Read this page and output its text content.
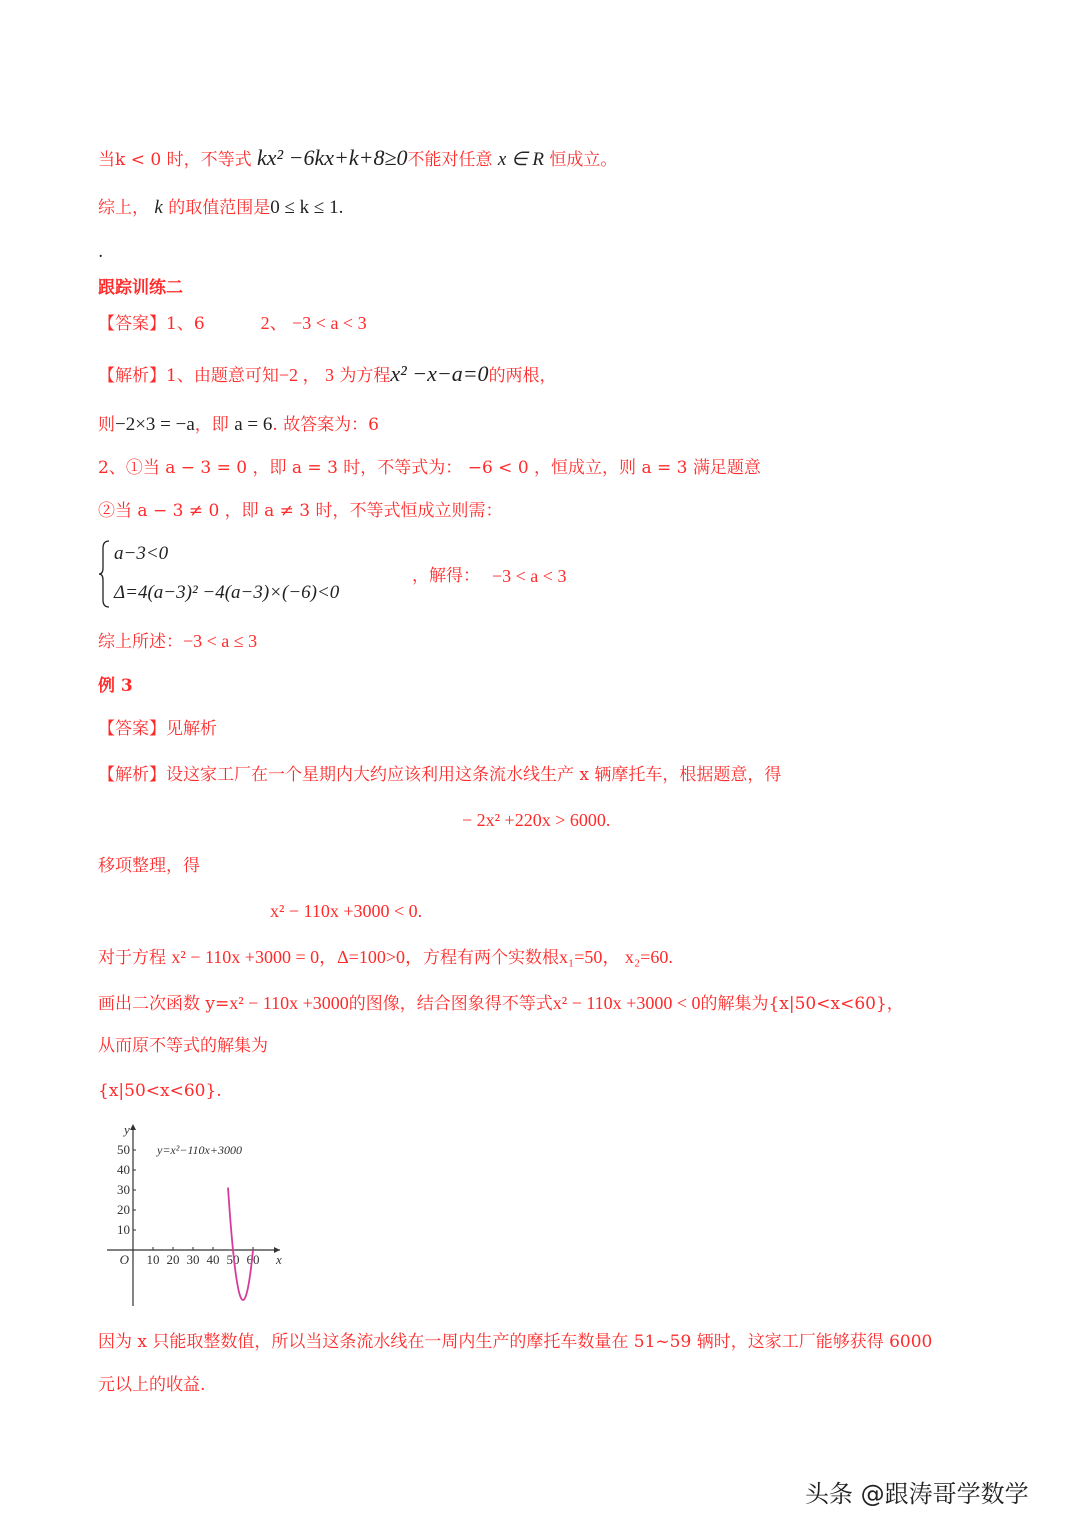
当k < 0 时，不等式 kx² −6kx+k+8≥0不能对任意 x ∈ R 恒成立。
综上， k 的取值范围是0 ≤ k ≤ 1.
.
跟踪训练二
【答案】1、6	2、 −3 < a < 3
【解析】1、由题意可知−2 ， 3 为方程x² −x−a=0的两根，
则−2×3 = −a，即 a = 6. 故答案为：6
2、①当 a − 3 = 0 ，即 a = 3 时，不等式为： −6 < 0 ，恒成立，则 a = 3 满足题意
②当 a − 3 ≠ 0 ，即 a ≠ 3 时，不等式恒成立则需：
a−3<0
Δ=4(a−3)² −4(a−3)×(−6)<0
，解得： −3 < a < 3
综上所述：−3 < a ≤ 3
例 3
【答案】见解析
【解析】设这家工厂在一个星期内大约应该利用这条流水线生产 x 辆摩托车，根据题意，得
− 2x² +220x > 6000.
移项整理，得
x² − 110x +3000 < 0.
对于方程 x² − 110x +3000 = 0，Δ=100>0，方程有两个实数根x₁=50， x₂=60.
画出二次函数 y=x² − 110x +3000的图像，结合图象得不等式x² − 110x +3000 < 0的解集为{x|50<x<60}，
从而原不等式的解集为
{x|50<x<60}.
10 20 30 40 50 60
10
20
30
40
50
O	x
y
y=x²−110x+3000
因为 x 只能取整数值，所以当这条流水线在一周内生产的摩托车数量在 51~59 辆时，这家工厂能够获得 6000
元以上的收益.
头条 @跟涛哥学数学
